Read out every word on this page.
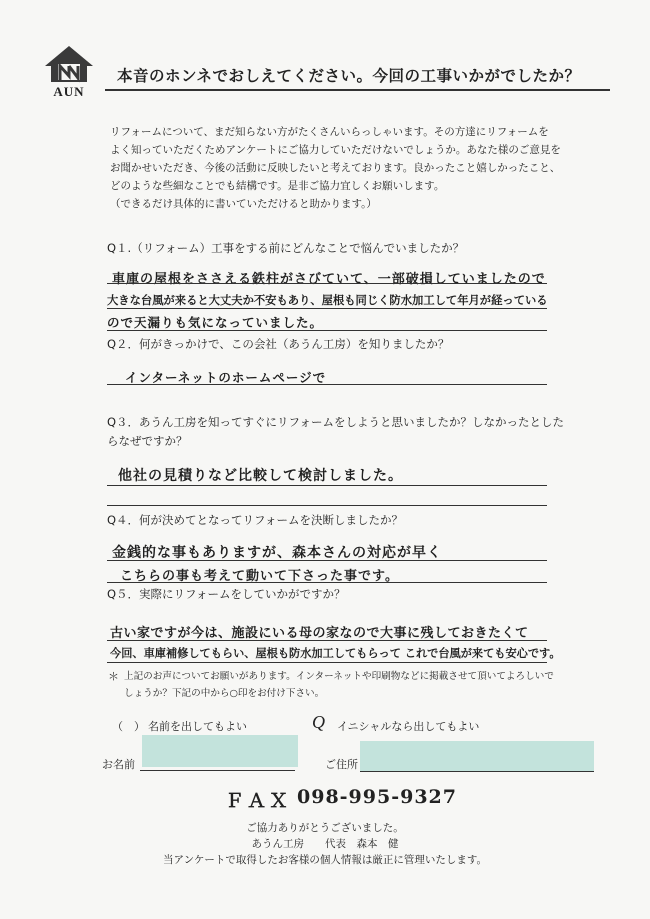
AUN
本音のホンネでおしえてください。今回の工事いかがでしたか？
リフォームについて、まだ知らない方がたくさんいらっしゃいます。その方達にリフォームを
よく知っていただくためアンケートにご協力していただけないでしょうか。あなた様のご意見を
お聞かせいただき、今後の活動に反映したいと考えております。良かったこと嬉しかったこと、
どのような些細なことでも結構です。是非ご協力宜しくお願いします。
（できるだけ具体的に書いていただけると助かります。）
Q１.（リフォーム）工事をする前にどんなことで悩んでいましたか？
車庫の屋根をささえる鉄柱がさびていて、一部破損していましたので
大きな台風が来ると大丈夫か不安もあり、屋根も同じく防水加工して年月が経っている
ので天漏りも気になっていました。
Q２．何がきっかけで、この会社（あうん工房）を知りましたか？
インターネットのホームページで
Q３．あうん工房を知ってすぐにリフォームをしようと思いましたか？しなかったとした
らなぜですか？
他社の見積りなど比較して検討しました。
Q４．何が決めてとなってリフォームを決断しましたか？
金銭的な事もありますが、森本さんの対応が早く
こちらの事も考えて動いて下さった事です。
Q５．実際にリフォームをしていかがですか？
古い家ですが今は、施設にいる母の家なので大事に残しておきたくて
今回、車庫補修してもらい、屋根も防水加工してもらって これで台風が来ても安心です。
＊ 上記のお声についてお願いがあります。インターネットや印刷物などに掲載させて頂いてよろしいで
しょうか？下記の中から○印をお付け下さい。
（　） 名前を出してもよい	Q イニシャルなら出してもよい
お名前	ご住所
ＦＡＸ 098-995-9327
ご協力ありがとうございました。
あうん工房　　代表　森本　健
当アンケートで取得したお客様の個人情報は厳正に管理いたします。
